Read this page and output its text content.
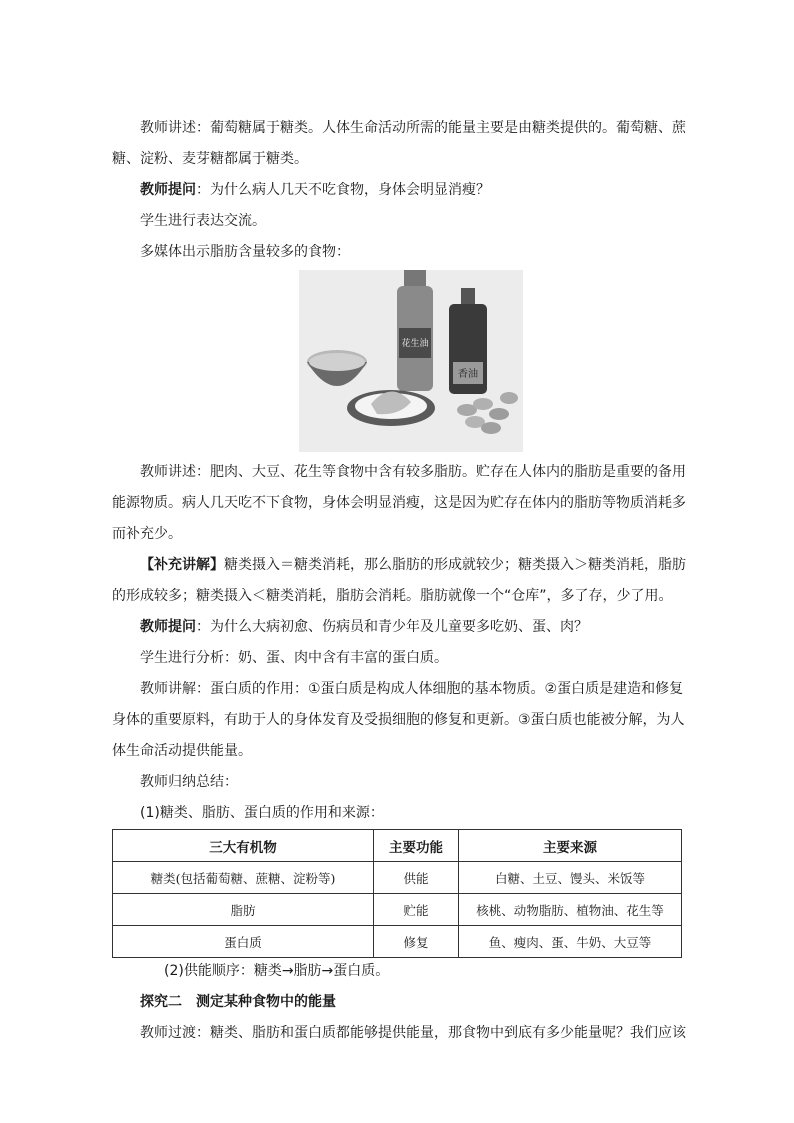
教师讲述：葡萄糖属于糖类。人体生命活动所需的能量主要是由糖类提供的。葡萄糖、蔗糖、淀粉、麦芽糖都属于糖类。

教师提问：为什么病人几天不吃食物，身体会明显消瘦？

学生进行表达交流。

多媒体出示脂肪含量较多的食物：

花生油
香油

教师讲述：肥肉、大豆、花生等食物中含有较多脂肪。贮存在人体内的脂肪是重要的备用能源物质。病人几天吃不下食物，身体会明显消瘦，这是因为贮存在体内的脂肪等物质消耗多而补充少。

【补充讲解】糖类摄入＝糖类消耗，那么脂肪的形成就较少；糖类摄入＞糖类消耗，脂肪的形成较多；糖类摄入＜糖类消耗，脂肪会消耗。脂肪就像一个“仓库”，多了存，少了用。

教师提问：为什么大病初愈、伤病员和青少年及儿童要多吃奶、蛋、肉？

学生进行分析：奶、蛋、肉中含有丰富的蛋白质。

教师讲解：蛋白质的作用：①蛋白质是构成人体细胞的基本物质。②蛋白质是建造和修复身体的重要原料，有助于人的身体发育及受损细胞的修复和更新。③蛋白质也能被分解，为人体生命活动提供能量。

教师归纳总结：

(1)糖类、脂肪、蛋白质的作用和来源：

三大有机物	主要功能	主要来源
糖类(包括葡萄糖、蔗糖、淀粉等)	供能	白糖、土豆、馒头、米饭等
脂肪	贮能	核桃、动物脂肪、植物油、花生等
蛋白质	修复	鱼、瘦肉、蛋、牛奶、大豆等

(2)供能顺序：糖类→脂肪→蛋白质。

探究二　测定某种食物中的能量

教师过渡：糖类、脂肪和蛋白质都能够提供能量，那食物中到底有多少能量呢？我们应该
